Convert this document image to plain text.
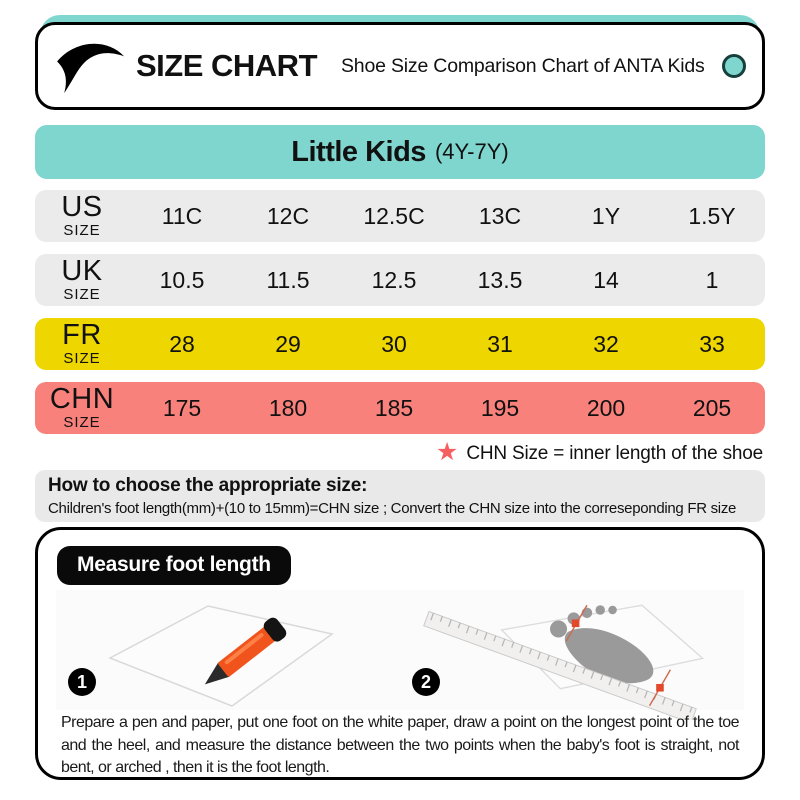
SIZE CHART Shoe Size Comparison Chart of ANTA Kids
Little Kids (4Y-7Y)
US
SIZE
11C	12C	12.5C	13C	1Y	1.5Y
UK
SIZE
10.5	11.5	12.5	13.5	14	1
FR
SIZE
28	29	30	31	32	33
CHN
SIZE
175	180	185	195	200	205
★ CHN Size = inner length of the shoe
How to choose the appropriate size:
Children's foot length(mm)+(10 to 15mm)=CHN size ; Convert the CHN size into the correseponding FR size
Measure foot length
1	2
Prepare a pen and paper, put one foot on the white paper, draw a point on the longest point of the toe and the heel, and measure the distance between the two points when the baby's foot is straight, not bent, or arched , then it is the foot length.
